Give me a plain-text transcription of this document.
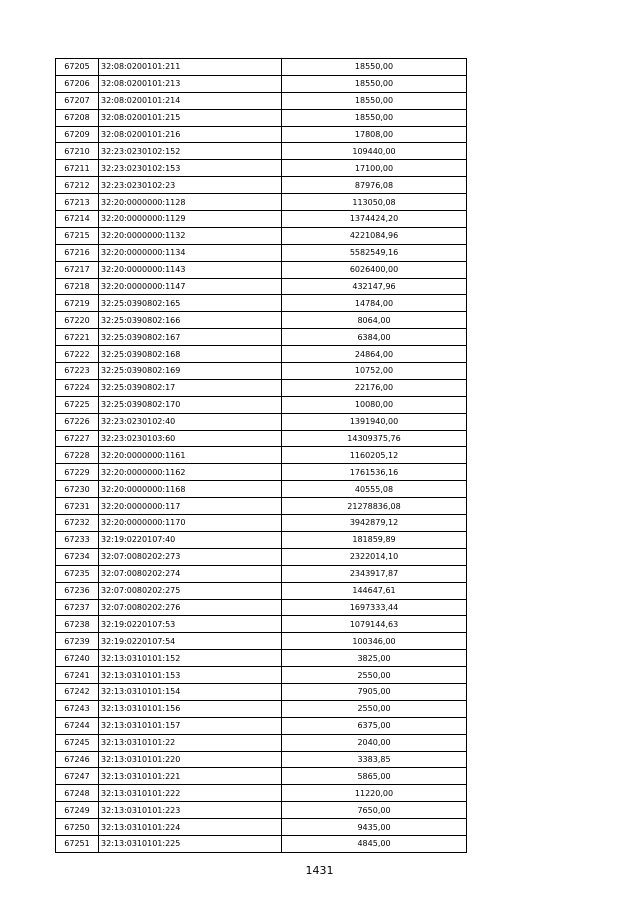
67205	32:08:0200101:211	18550,00
67206	32:08:0200101:213	18550,00
67207	32:08:0200101:214	18550,00
67208	32:08:0200101:215	18550,00
67209	32:08:0200101:216	17808,00
67210	32:23:0230102:152	109440,00
67211	32:23:0230102:153	17100,00
67212	32:23:0230102:23	87976,08
67213	32:20:0000000:1128	113050,08
67214	32:20:0000000:1129	1374424,20
67215	32:20:0000000:1132	4221084,96
67216	32:20:0000000:1134	5582549,16
67217	32:20:0000000:1143	6026400,00
67218	32:20:0000000:1147	432147,96
67219	32:25:0390802:165	14784,00
67220	32:25:0390802:166	8064,00
67221	32:25:0390802:167	6384,00
67222	32:25:0390802:168	24864,00
67223	32:25:0390802:169	10752,00
67224	32:25:0390802:17	22176,00
67225	32:25:0390802:170	10080,00
67226	32:23:0230102:40	1391940,00
67227	32:23:0230103:60	14309375,76
67228	32:20:0000000:1161	1160205,12
67229	32:20:0000000:1162	1761536,16
67230	32:20:0000000:1168	40555,08
67231	32:20:0000000:117	21278836,08
67232	32:20:0000000:1170	3942879,12
67233	32:19:0220107:40	181859,89
67234	32:07:0080202:273	2322014,10
67235	32:07:0080202:274	2343917,87
67236	32:07:0080202:275	144647,61
67237	32:07:0080202:276	1697333,44
67238	32:19:0220107:53	1079144,63
67239	32:19:0220107:54	100346,00
67240	32:13:0310101:152	3825,00
67241	32:13:0310101:153	2550,00
67242	32:13:0310101:154	7905,00
67243	32:13:0310101:156	2550,00
67244	32:13:0310101:157	6375,00
67245	32:13:0310101:22	2040,00
67246	32:13:0310101:220	3383,85
67247	32:13:0310101:221	5865,00
67248	32:13:0310101:222	11220,00
67249	32:13:0310101:223	7650,00
67250	32:13:0310101:224	9435,00
67251	32:13:0310101:225	4845,00
1431
